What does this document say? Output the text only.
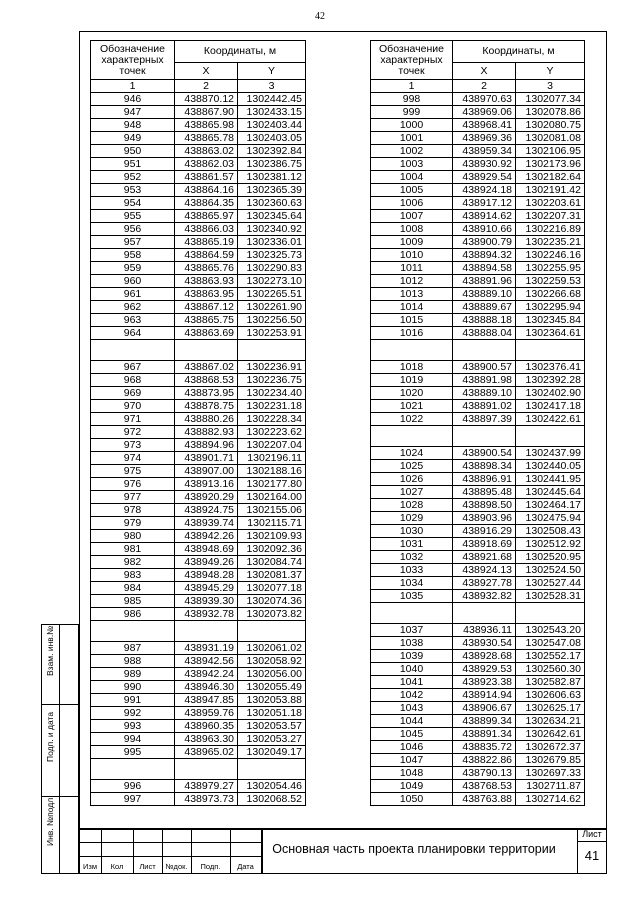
42
Обозначение характерных точек	Координаты, м	
	X	Y
1	2	3
946	438870.12	1302442.45
947	438867.90	1302433.15
948	438865.98	1302403.44
949	438865.78	1302403.05
950	438863.02	1302392.84
951	438862.03	1302386.75
952	438861.57	1302381.12
953	438864.16	1302365.39
954	438864.35	1302360.63
955	438865.97	1302345.64
956	438866.03	1302340.92
957	438865.19	1302336.01
958	438864.59	1302325.73
959	438865.76	1302290.83
960	438863.93	1302273.10
961	438863.95	1302265.51
962	438867.12	1302261.90
963	438865.75	1302256.50
964	438863.69	1302253.91

967	438867.02	1302236.91
968	438868.53	1302236.75
969	438873.95	1302234.40
970	438878.75	1302231.18
971	438880.26	1302228.34
972	438882.93	1302223.62
973	438894.96	1302207.04
974	438901.71	1302196.11
975	438907.00	1302188.16
976	438913.16	1302177.80
977	438920.29	1302164.00
978	438924.75	1302155.06
979	438939.74	1302115.71
980	438942.26	1302109.93
981	438948.69	1302092.36
982	438949.26	1302084.74
983	438948.28	1302081.37
984	438945.29	1302077.18
985	438939.30	1302074.36
986	438932.78	1302073.82

987	438931.19	1302061.02
988	438942.56	1302058.92
989	438942.24	1302056.00
990	438946.30	1302055.49
991	438947.85	1302053.88
992	438959.76	1302051.18
993	438960.35	1302053.57
994	438963.30	1302053.27
995	438965.02	1302049.17

996	438979.27	1302054.46
997	438973.73	1302068.52
Обозначение характерных точек	Координаты, м	
	X	Y
1	2	3
998	438970.63	1302077.34
999	438969.06	1302078.86
1000	438968.41	1302080.75
1001	438969.36	1302081.08
1002	438959.34	1302106.95
1003	438930.92	1302173.96
1004	438929.54	1302182.64
1005	438924.18	1302191.42
1006	438917.12	1302203.61
1007	438914.62	1302207.31
1008	438910.66	1302216.89
1009	438900.79	1302235.21
1010	438894.32	1302246.16
1011	438894.58	1302255.95
1012	438891.96	1302259.53
1013	438889.10	1302266.68
1014	438889.67	1302295.94
1015	438888.18	1302345.84
1016	438888.04	1302364.61

1018	438900.57	1302376.41
1019	438891.98	1302392.28
1020	438889.10	1302402.90
1021	438891.02	1302417.18
1022	438897.39	1302422.61

1024	438900.54	1302437.99
1025	438898.34	1302440.05
1026	438896.91	1302441.95
1027	438895.48	1302445.64
1028	438898.50	1302464.17
1029	438903.96	1302475.94
1030	438916.29	1302508.43
1031	438918.69	1302512.92
1032	438921.68	1302520.95
1033	438924.13	1302524.50
1034	438927.78	1302527.44
1035	438932.82	1302528.31

1037	438936.11	1302543.20
1038	438930.54	1302547.08
1039	438928.68	1302552.17
1040	438929.53	1302560.30
1041	438923.38	1302582.87
1042	438914.94	1302606.63
1043	438906.67	1302625.17
1044	438899.34	1302634.21
1045	438891.34	1302642.61
1046	438835.72	1302672.37
1047	438822.86	1302679.85
1048	438790.13	1302697.33
1049	438768.53	1302711.87
1050	438763.88	1302714.62
Взам. инв.№
Подп. и дата
Инв. №подл.
Изм	Кол	Лист	№док.	Подп.	Дата
Основная часть проекта планировки территории
Лист
41
